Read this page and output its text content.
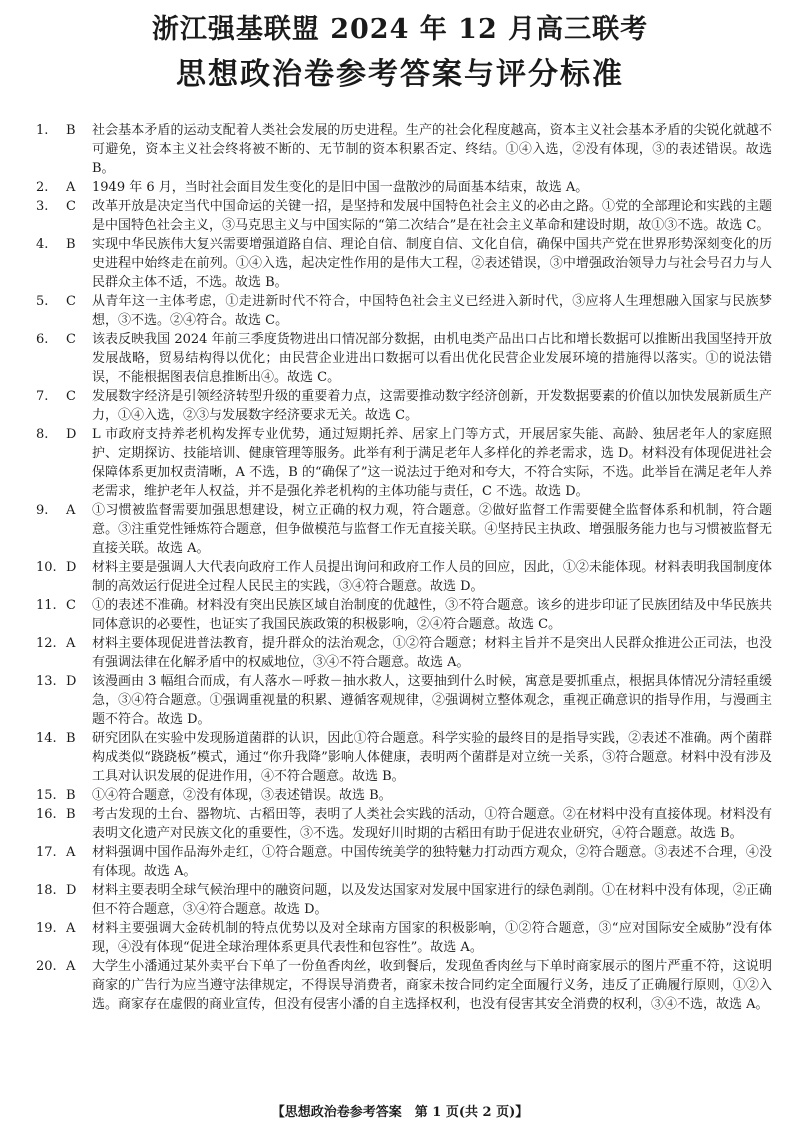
浙江强基联盟 2024 年 12 月高三联考
思想政治卷参考答案与评分标准
1.	B	社会基本矛盾的运动支配着人类社会发展的历史进程。生产的社会化程度越高，资本主义社会基本矛盾的尖锐化就越不可避免，资本主义社会终将被不断的、无节制的资本积累否定、终结。①④入选，②没有体现，③的表述错误。故选 B。
2.	A	1949 年 6 月，当时社会面目发生变化的是旧中国一盘散沙的局面基本结束，故选 A。
3.	C	改革开放是决定当代中国命运的关键一招，是坚持和发展中国特色社会主义的必由之路。①党的全部理论和实践的主题是中国特色社会主义，③马克思主义与中国实际的“第二次结合”是在社会主义革命和建设时期，故①③不选。故选 C。
4.	B	实现中华民族伟大复兴需要增强道路自信、理论自信、制度自信、文化自信，确保中国共产党在世界形势深刻变化的历史进程中始终走在前列。①④入选，起决定性作用的是伟大工程，②表述错误，③中增强政治领导力与社会号召力与人民群众主体不适，不选。故选 B。
5.	C	从青年这一主体考虑，①走进新时代不符合，中国特色社会主义已经进入新时代，③应将人生理想融入国家与民族梦想，③不选。②④符合。故选 C。
6.	C	该表反映我国 2024 年前三季度货物进出口情况部分数据，由机电类产品出口占比和增长数据可以推断出我国坚持开放发展战略，贸易结构得以优化；由民营企业进出口数据可以看出优化民营企业发展环境的措施得以落实。①的说法错误，不能根据图表信息推断出④。故选 C。
7.	C	发展数字经济是引领经济转型升级的重要着力点，这需要推动数字经济创新，开发数据要素的价值以加快发展新质生产力，①④入选，②③与发展数字经济要求无关。故选 C。
8.	D	L 市政府支持养老机构发挥专业优势，通过短期托养、居家上门等方式，开展居家失能、高龄、独居老年人的家庭照护、定期探访、技能培训、健康管理等服务。此举有利于满足老年人多样化的养老需求，选 D。材料没有体现促进社会保障体系更加权责清晰，A 不选，B 的“确保了”这一说法过于绝对和夸大，不符合实际，不选。此举旨在满足老年人养老需求，维护老年人权益，并不是强化养老机构的主体功能与责任，C 不选。故选 D。
9.	A	①习惯被监督需要加强思想建设，树立正确的权力观，符合题意。②做好监督工作需要健全监督体系和机制，符合题意。③注重党性锤炼符合题意，但争做模范与监督工作无直接关联。④坚持民主执政、增强服务能力也与习惯被监督无直接关联。故选 A。
10. D	材料主要是强调人大代表向政府工作人员提出询问和政府工作人员的回应，因此，①②未能体现。材料表明我国制度体制的高效运行促进全过程人民民主的实践，③④符合题意。故选 D。
11. C	①的表述不准确。材料没有突出民族区域自治制度的优越性，③不符合题意。该乡的进步印证了民族团结及中华民族共同体意识的必要性，也证实了我国民族政策的积极影响，②④符合题意。故选 C。
12. A	材料主要体现促进普法教育，提升群众的法治观念，①②符合题意；材料主旨并不是突出人民群众推进公正司法，也没有强调法律在化解矛盾中的权威地位，③④不符合题意。故选 A。
13. D	该漫画由 3 幅组合而成，有人落水－呼救－抽水救人，这要抽到什么时候，寓意是要抓重点，根据具体情况分清轻重缓急，③④符合题意。①强调重视量的积累、遵循客观规律，②强调树立整体观念，重视正确意识的指导作用，与漫画主题不符合。故选 D。
14. B	研究团队在实验中发现肠道菌群的认识，因此①符合题意。科学实验的最终目的是指导实践，②表述不准确。两个菌群构成类似“跷跷板”模式，通过“你升我降”影响人体健康，表明两个菌群是对立统一关系，③符合题意。材料中没有涉及工具对认识发展的促进作用，④不符合题意。故选 B。
15. B	①④符合题意，②没有体现，③表述错误。故选 B。
16. B	考古发现的土台、器物坑、古稻田等，表明了人类社会实践的活动，①符合题意。②在材料中没有直接体现。材料没有表明文化遗产对民族文化的重要性，③不选。发现好川时期的古稻田有助于促进农业研究，④符合题意。故选 B。
17. A	材料强调中国作品海外走红，①符合题意。中国传统美学的独特魅力打动西方观众，②符合题意。③表述不合理，④没有体现。故选 A。
18. D	材料主要表明全球气候治理中的融资问题，以及发达国家对发展中国家进行的绿色剥削。①在材料中没有体现，②正确但不符合题意，③④符合题意。故选 D。
19. A	材料主要强调大金砖机制的特点优势以及对全球南方国家的积极影响，①②符合题意，③“应对国际安全威胁”没有体现，④没有体现“促进全球治理体系更具代表性和包容性”。故选 A。
20. A	大学生小潘通过某外卖平台下单了一份鱼香肉丝，收到餐后，发现鱼香肉丝与下单时商家展示的图片严重不符，这说明商家的广告行为应当遵守法律规定，不得误导消费者，商家未按合同约定全面履行义务，违反了正确履行原则，①②入选。商家存在虚假的商业宣传，但没有侵害小潘的自主选择权利，也没有侵害其安全消费的权利，③④不选，故选 A。
【思想政治卷参考答案　第 1 页(共 2 页)】
